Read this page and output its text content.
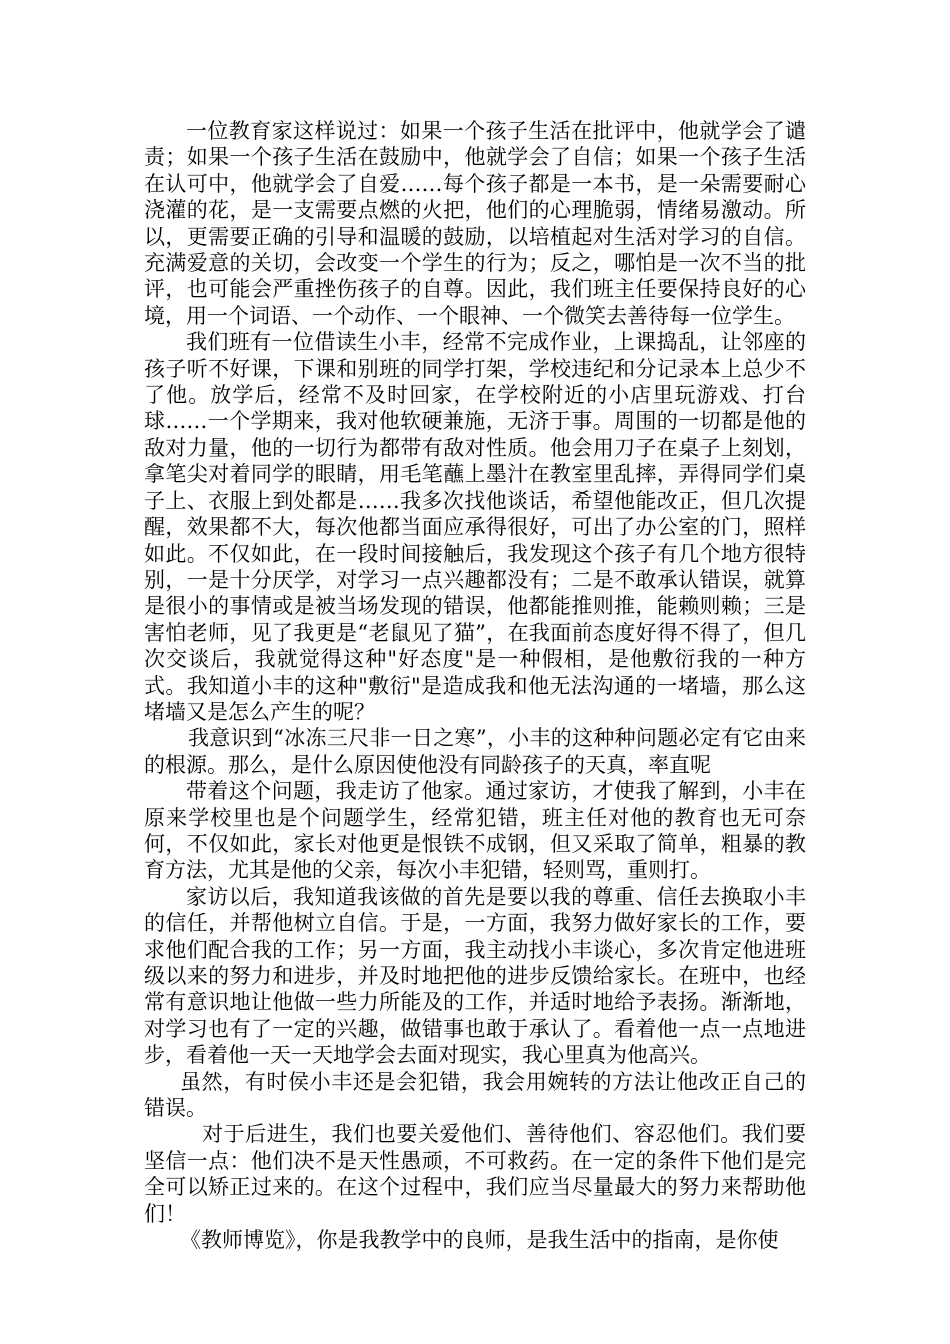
一位教育家这样说过：如果一个孩子生活在批评中，他就学会了谴责；如果一个孩子生活在鼓励中，他就学会了自信；如果一个孩子生活在认可中，他就学会了自爱……每个孩子都是一本书，是一朵需要耐心浇灌的花，是一支需要点燃的火把，他们的心理脆弱，情绪易激动。所以，更需要正确的引导和温暖的鼓励，以培植起对生活对学习的自信。充满爱意的关切，会改变一个学生的行为；反之，哪怕是一次不当的批评，也可能会严重挫伤孩子的自尊。因此，我们班主任要保持良好的心境，用一个词语、一个动作、一个眼神、一个微笑去善待每一位学生。

我们班有一位借读生小丰，经常不完成作业，上课捣乱，让邻座的孩子听不好课，下课和别班的同学打架，学校违纪和分记录本上总少不了他。放学后，经常不及时回家，在学校附近的小店里玩游戏、打台球……一个学期来，我对他软硬兼施，无济于事。周围的一切都是他的敌对力量，他的一切行为都带有敌对性质。他会用刀子在桌子上刻划，拿笔尖对着同学的眼睛，用毛笔蘸上墨汁在教室里乱摔，弄得同学们桌子上、衣服上到处都是……我多次找他谈话，希望他能改正，但几次提醒，效果都不大，每次他都当面应承得很好，可出了办公室的门，照样如此。不仅如此，在一段时间接触后，我发现这个孩子有几个地方很特别，一是十分厌学，对学习一点兴趣都没有；二是不敢承认错误，就算是很小的事情或是被当场发现的错误，他都能推则推，能赖则赖；三是害怕老师，见了我更是“老鼠见了猫”，在我面前态度好得不得了，但几次交谈后，我就觉得这种"好态度"是一种假相，是他敷衍我的一种方式。我知道小丰的这种"敷衍"是造成我和他无法沟通的一堵墙，那么这堵墙又是怎么产生的呢？

我意识到“冰冻三尺非一日之寒”，小丰的这种种问题必定有它由来的根源。那么，是什么原因使他没有同龄孩子的天真，率直呢

带着这个问题，我走访了他家。通过家访，才使我了解到，小丰在原来学校里也是个问题学生，经常犯错，班主任对他的教育也无可奈何，不仅如此，家长对他更是恨铁不成钢，但又采取了简单，粗暴的教育方法，尤其是他的父亲，每次小丰犯错，轻则骂，重则打。

家访以后，我知道我该做的首先是要以我的尊重、信任去换取小丰的信任，并帮他树立自信。于是，一方面，我努力做好家长的工作，要求他们配合我的工作；另一方面，我主动找小丰谈心，多次肯定他进班级以来的努力和进步，并及时地把他的进步反馈给家长。在班中，也经常有意识地让他做一些力所能及的工作，并适时地给予表扬。渐渐地，对学习也有了一定的兴趣，做错事也敢于承认了。看着他一点一点地进步，看着他一天一天地学会去面对现实，我心里真为他高兴。

虽然，有时侯小丰还是会犯错，我会用婉转的方法让他改正自己的错误。

对于后进生，我们也要关爱他们、善待他们、容忍他们。我们要坚信一点：他们决不是天性愚顽，不可救药。在一定的条件下他们是完全可以矫正过来的。在这个过程中，我们应当尽量最大的努力来帮助他们！

《教师博览》，你是我教学中的良师，是我生活中的指南，是你使
